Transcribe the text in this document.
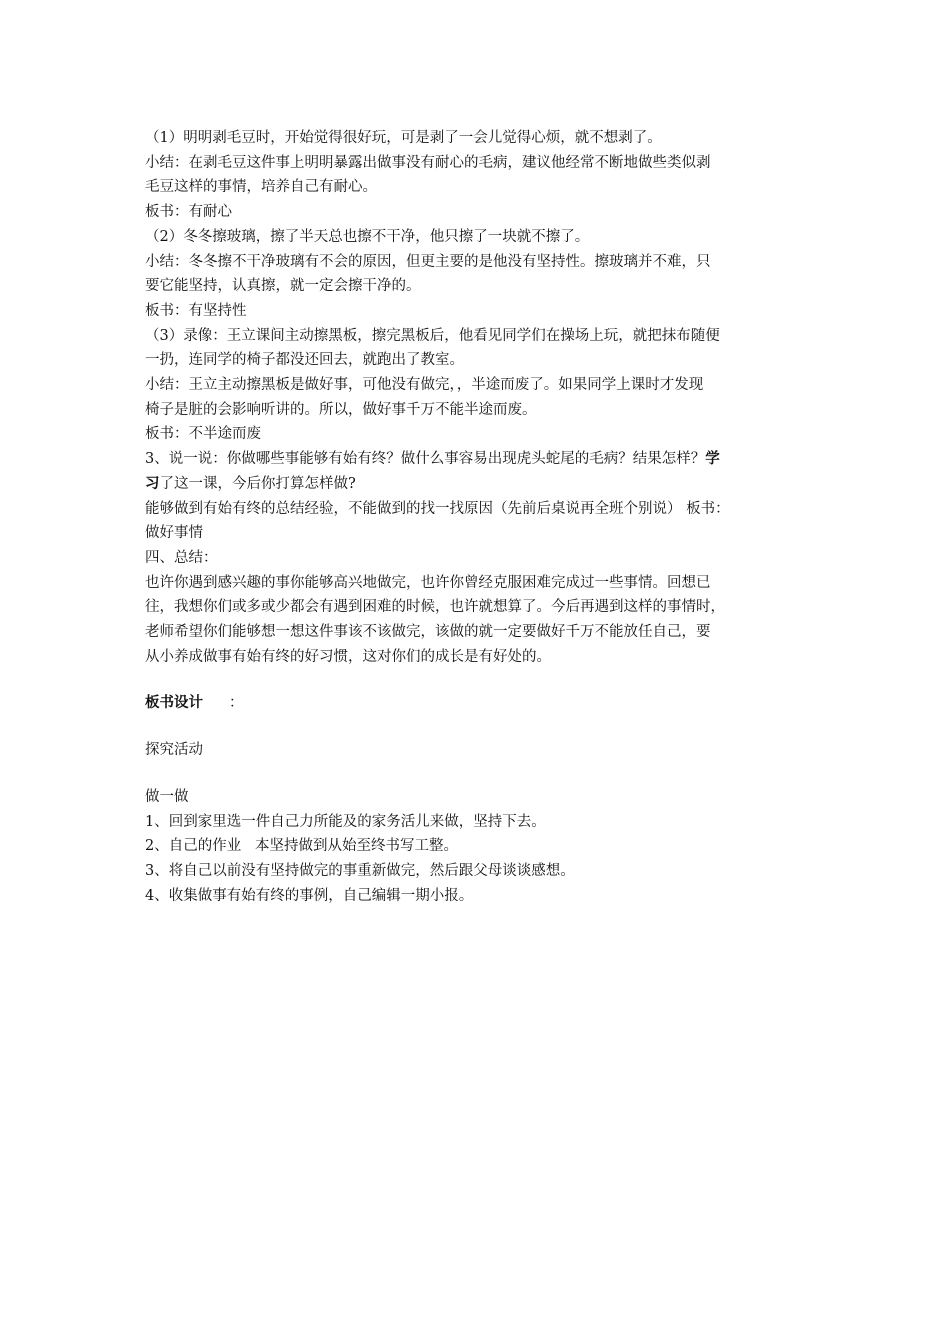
（1）明明剥毛豆时，开始觉得很好玩，可是剥了一会儿觉得心烦，就不想剥了。
小结：在剥毛豆这件事上明明暴露出做事没有耐心的毛病，建议他经常不断地做些类似剥
毛豆这样的事情，培养自己有耐心。
板书：有耐心
（2）冬冬擦玻璃，擦了半天总也擦不干净，他只擦了一块就不擦了。
小结：冬冬擦不干净玻璃有不会的原因，但更主要的是他没有坚持性。擦玻璃并不难，只
要它能坚持，认真擦，就一定会擦干净的。
板书：有坚持性
（3）录像：王立课间主动擦黑板，擦完黑板后，他看见同学们在操场上玩，就把抹布随便
一扔，连同学的椅子都没还回去，就跑出了教室。
小结：王立主动擦黑板是做好事，可他没有做完，，半途而废了。如果同学上课时才发现
椅子是脏的会影响听讲的。所以，做好事千万不能半途而废。
板书：不半途而废
3、说一说：你做哪些事能够有始有终？做什么事容易出现虎头蛇尾的毛病？结果怎样？学
习了这一课，今后你打算怎样做?
能够做到有始有终的总结经验，不能做到的找一找原因（先前后桌说再全班个别说） 板书：
做好事情
四、总结：
也许你遇到感兴趣的事你能够高兴地做完，也许你曾经克服困难完成过一些事情。回想已
往，我想你们或多或少都会有遇到困难的时候，也许就想算了。今后再遇到这样的事情时，
老师希望你们能够想一想这件事该不该做完，该做的就一定要做好千万不能放任自己，要
从小养成做事有始有终的好习惯，这对你们的成长是有好处的。
板书设计 ：
探究活动
做一做
1、回到家里选一件自己力所能及的家务活儿来做，坚持下去。
2、自己的作业   本坚持做到从始至终书写工整。
3、将自己以前没有坚持做完的事重新做完，然后跟父母谈谈感想。
4、收集做事有始有终的事例，自己编辑一期小报。
